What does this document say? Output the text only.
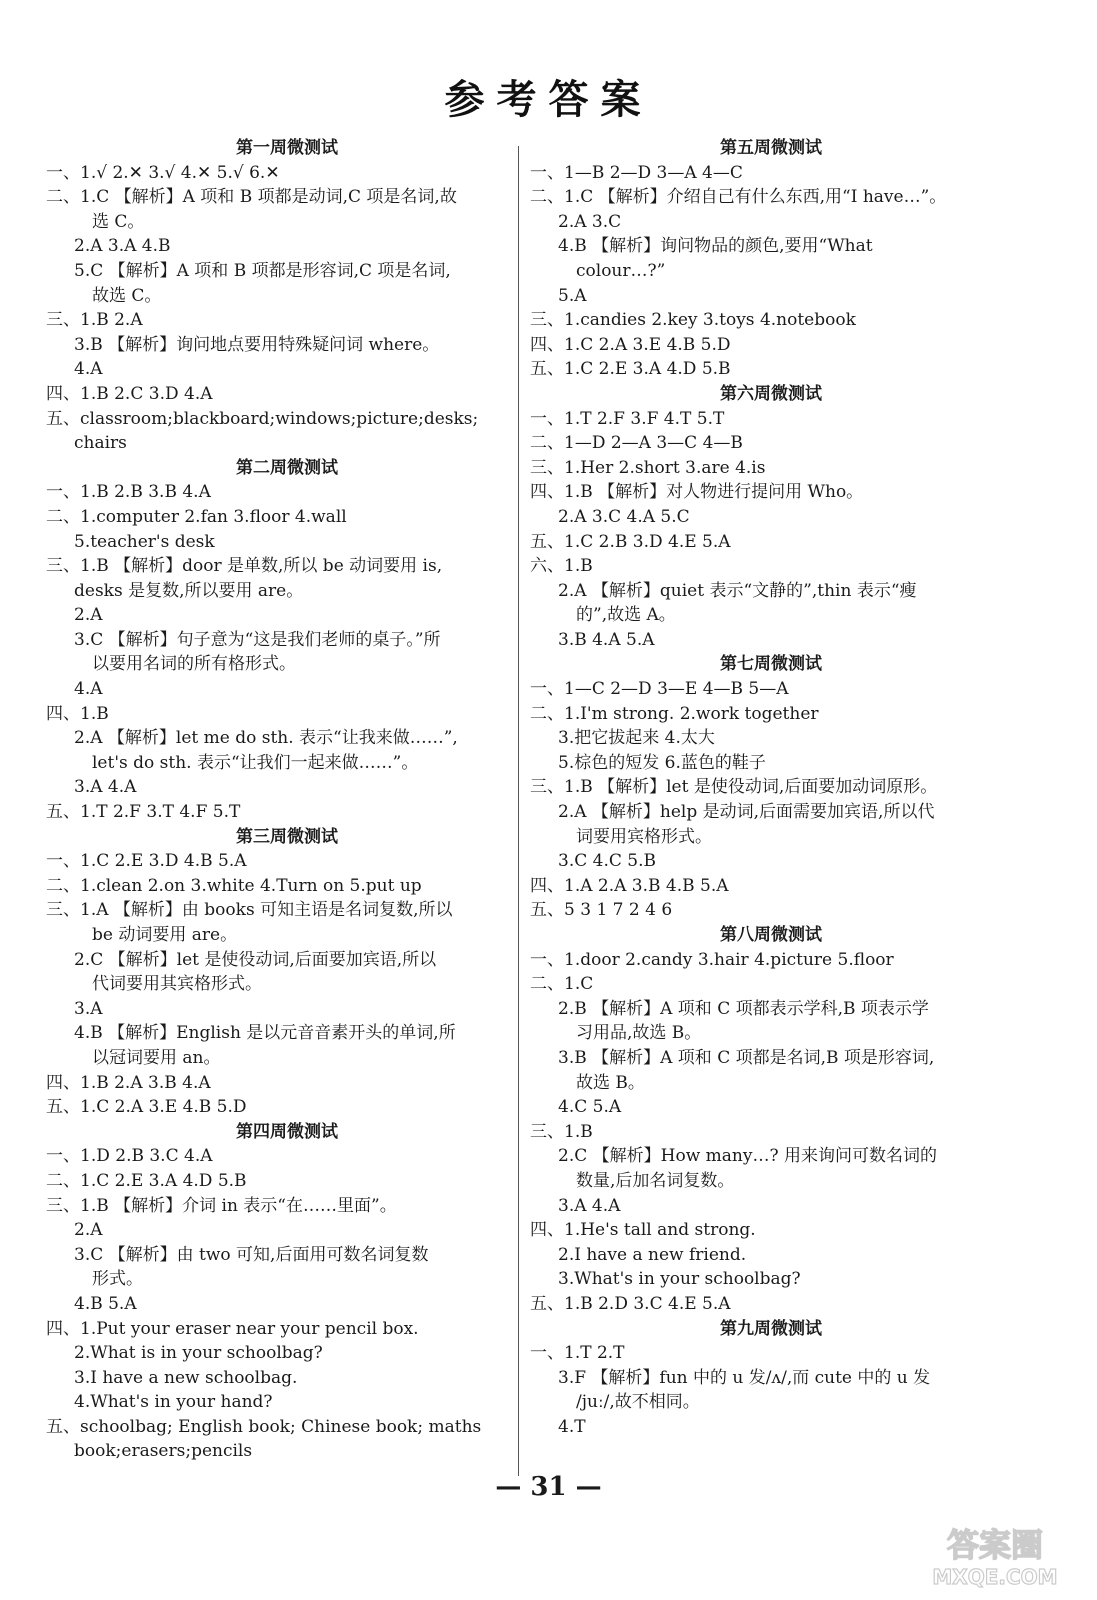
参考答案
第一周微测试
一、1.√ 2.✕ 3.√ 4.✕ 5.√ 6.✕
二、1.C 【解析】A 项和 B 项都是动词,C 项是名词,故
选 C。
2.A 3.A 4.B
5.C 【解析】A 项和 B 项都是形容词,C 项是名词,
故选 C。
三、1.B 2.A
3.B 【解析】询问地点要用特殊疑问词 where。
4.A
四、1.B 2.C 3.D 4.A
五、classroom;blackboard;windows;picture;desks;
chairs
第二周微测试
一、1.B 2.B 3.B 4.A
二、1.computer 2.fan 3.floor 4.wall
5.teacher's desk
三、1.B 【解析】door 是单数,所以 be 动词要用 is,
desks 是复数,所以要用 are。
2.A
3.C 【解析】句子意为“这是我们老师的桌子。”所
以要用名词的所有格形式。
4.A
四、1.B
2.A 【解析】let me do sth. 表示“让我来做……”,
let's do sth. 表示“让我们一起来做……”。
3.A 4.A
五、1.T 2.F 3.T 4.F 5.T
第三周微测试
一、1.C 2.E 3.D 4.B 5.A
二、1.clean 2.on 3.white 4.Turn on 5.put up
三、1.A 【解析】由 books 可知主语是名词复数,所以
be 动词要用 are。
2.C 【解析】let 是使役动词,后面要加宾语,所以
代词要用其宾格形式。
3.A
4.B 【解析】English 是以元音音素开头的单词,所
以冠词要用 an。
四、1.B 2.A 3.B 4.A
五、1.C 2.A 3.E 4.B 5.D
第四周微测试
一、1.D 2.B 3.C 4.A
二、1.C 2.E 3.A 4.D 5.B
三、1.B 【解析】介词 in 表示“在……里面”。
2.A
3.C 【解析】由 two 可知,后面用可数名词复数
形式。
4.B 5.A
四、1.Put your eraser near your pencil box.
2.What is in your schoolbag?
3.I have a new schoolbag.
4.What's in your hand?
五、schoolbag; English book; Chinese book; maths
book;erasers;pencils
第五周微测试
一、1—B 2—D 3—A 4—C
二、1.C 【解析】介绍自己有什么东西,用“I have…”。
2.A 3.C
4.B 【解析】询问物品的颜色,要用“What
colour…?”
5.A
三、1.candies 2.key 3.toys 4.notebook
四、1.C 2.A 3.E 4.B 5.D
五、1.C 2.E 3.A 4.D 5.B
第六周微测试
一、1.T 2.F 3.F 4.T 5.T
二、1—D 2—A 3—C 4—B
三、1.Her 2.short 3.are 4.is
四、1.B 【解析】对人物进行提问用 Who。
2.A 3.C 4.A 5.C
五、1.C 2.B 3.D 4.E 5.A
六、1.B
2.A 【解析】quiet 表示“文静的”,thin 表示“瘦
的”,故选 A。
3.B 4.A 5.A
第七周微测试
一、1—C 2—D 3—E 4—B 5—A
二、1.I'm strong. 2.work together
3.把它拔起来 4.太大
5.棕色的短发 6.蓝色的鞋子
三、1.B 【解析】let 是使役动词,后面要加动词原形。
2.A 【解析】help 是动词,后面需要加宾语,所以代
词要用宾格形式。
3.C 4.C 5.B
四、1.A 2.A 3.B 4.B 5.A
五、5 3 1 7 2 4 6
第八周微测试
一、1.door 2.candy 3.hair 4.picture 5.floor
二、1.C
2.B 【解析】A 项和 C 项都表示学科,B 项表示学
习用品,故选 B。
3.B 【解析】A 项和 C 项都是名词,B 项是形容词,
故选 B。
4.C 5.A
三、1.B
2.C 【解析】How many…? 用来询问可数名词的
数量,后加名词复数。
3.A 4.A
四、1.He's tall and strong.
2.I have a new friend.
3.What's in your schoolbag?
五、1.B 2.D 3.C 4.E 5.A
第九周微测试
一、1.T 2.T
3.F 【解析】fun 中的 u 发/ʌ/,而 cute 中的 u 发
/juː/,故不相同。
4.T
— 31 —
答案圈
MXQE.COM
